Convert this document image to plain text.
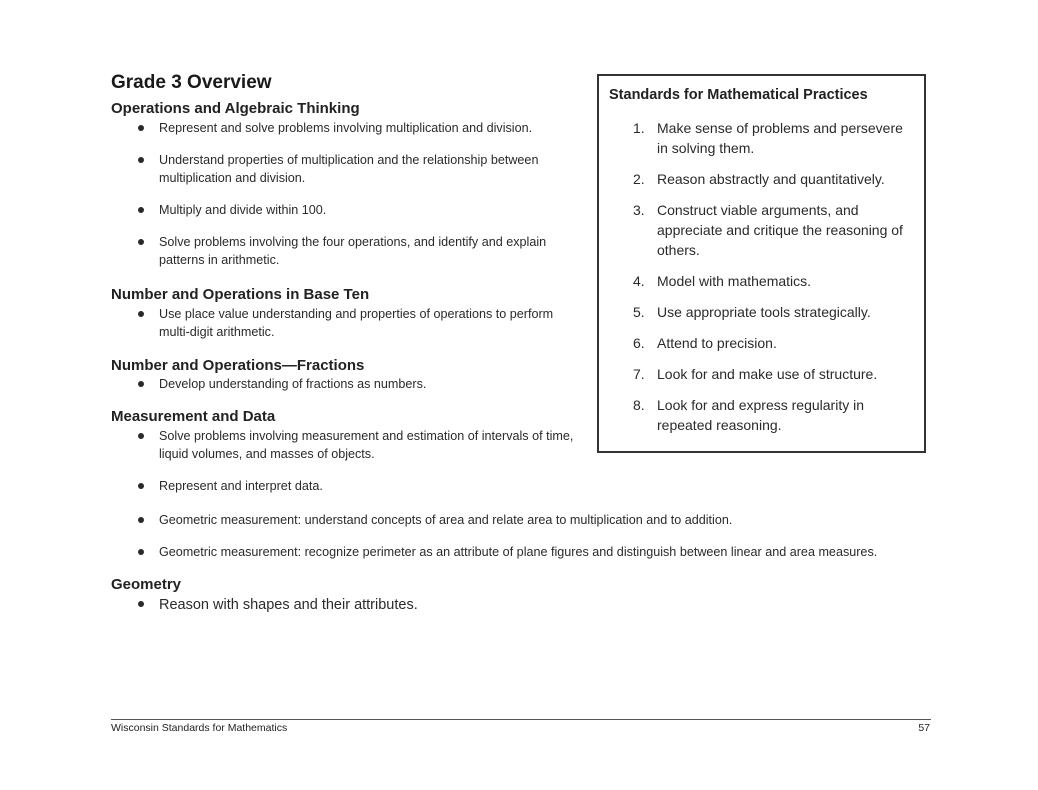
Grade 3 Overview
Operations and Algebraic Thinking
Represent and solve problems involving multiplication and division.
Understand properties of multiplication and the relationship between multiplication and division.
Multiply and divide within 100.
Solve problems involving the four operations, and identify and explain patterns in arithmetic.
Number and Operations in Base Ten
Use place value understanding and properties of operations to perform multi-digit arithmetic.
Number and Operations—Fractions
Develop understanding of fractions as numbers.
Measurement and Data
Solve problems involving measurement and estimation of intervals of time, liquid volumes, and masses of objects.
Represent and interpret data.
Geometric measurement: understand concepts of area and relate area to multiplication and to addition.
Geometric measurement: recognize perimeter as an attribute of plane figures and distinguish between linear and area measures.
Geometry
Reason with shapes and their attributes.
Standards for Mathematical Practices
1. Make sense of problems and persevere in solving them.
2. Reason abstractly and quantitatively.
3. Construct viable arguments, and appreciate and critique the reasoning of others.
4. Model with mathematics.
5. Use appropriate tools strategically.
6. Attend to precision.
7. Look for and make use of structure.
8. Look for and express regularity in repeated reasoning.
Wisconsin Standards for Mathematics	57
